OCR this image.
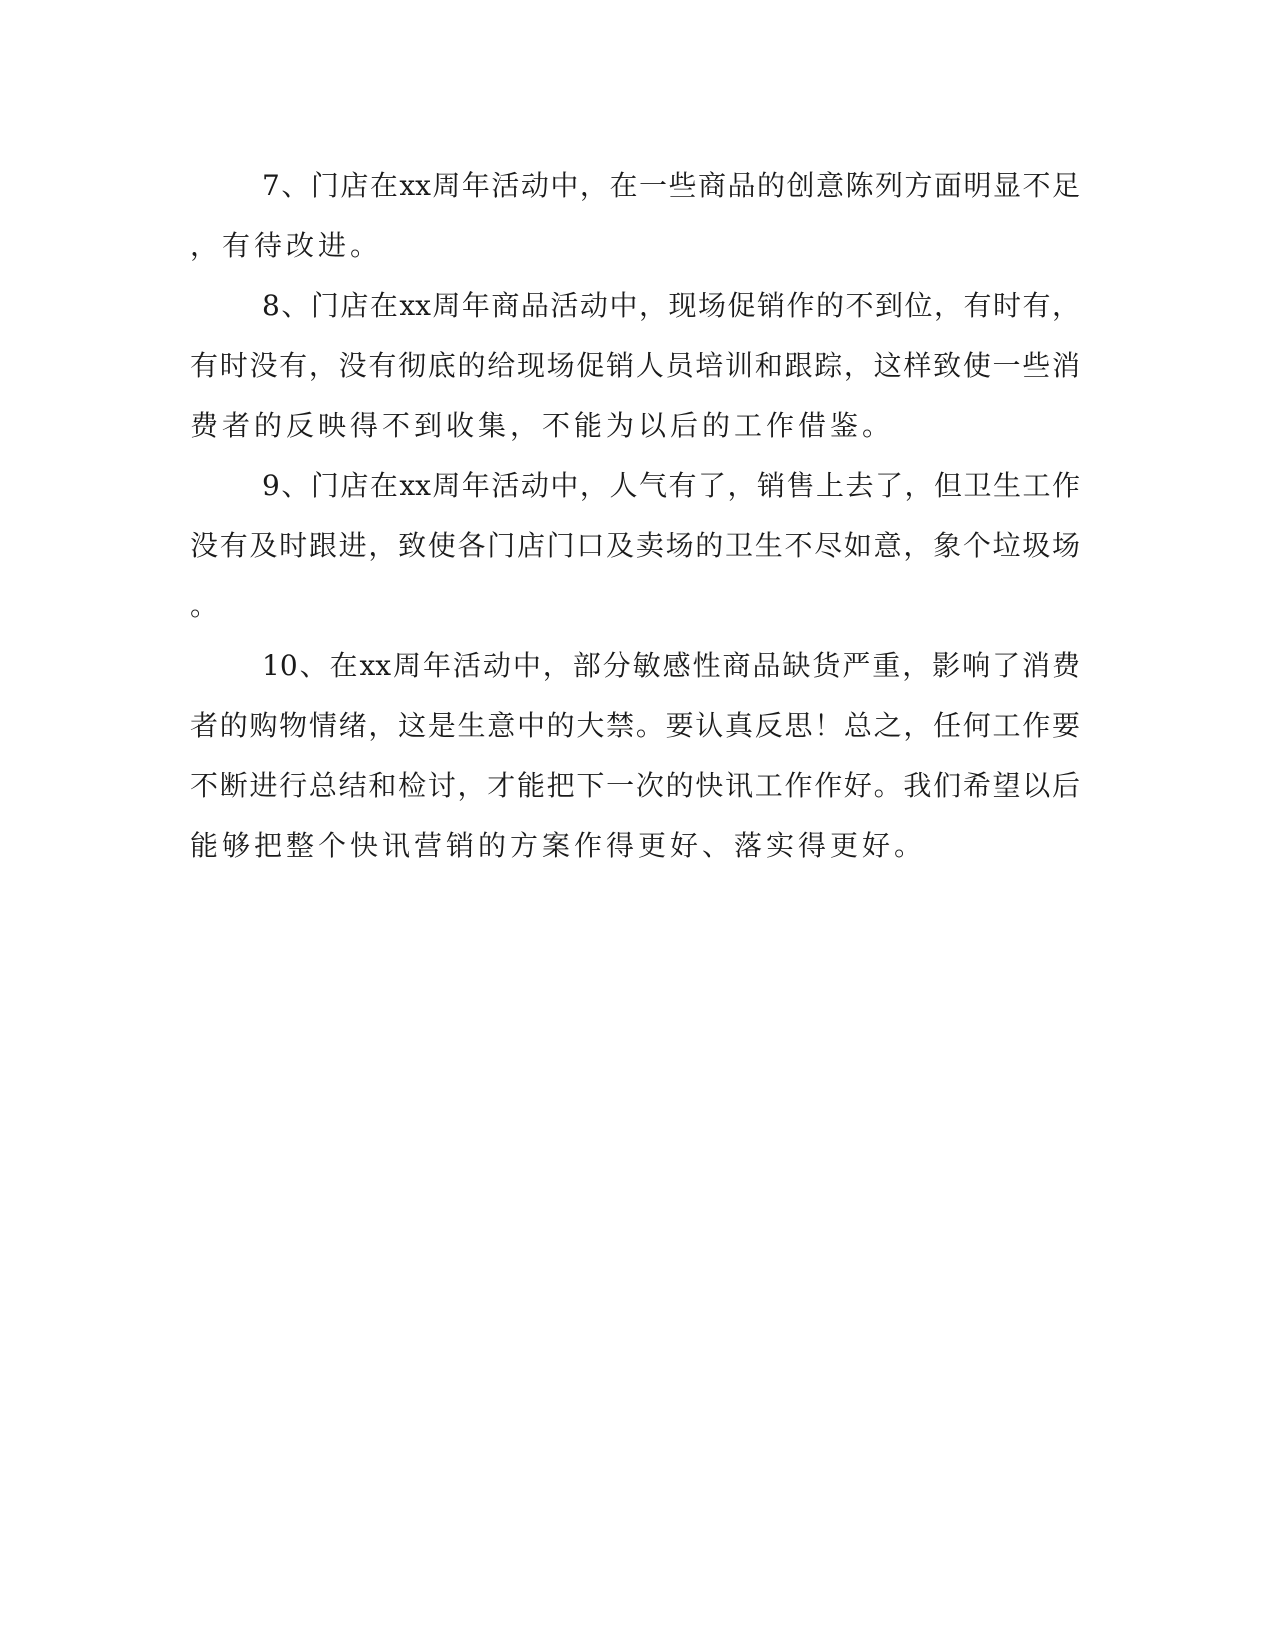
7、门店在xx周年活动中，在一些商品的创意陈列方面明显不足
，有待改进。
8、门店在xx周年商品活动中，现场促销作的不到位，有时有，
有时没有，没有彻底的给现场促销人员培训和跟踪，这样致使一些消
费者的反映得不到收集，不能为以后的工作借鉴。
9、门店在xx周年活动中，人气有了，销售上去了，但卫生工作
没有及时跟进，致使各门店门口及卖场的卫生不尽如意，象个垃圾场
。
10、在xx周年活动中，部分敏感性商品缺货严重，影响了消费
者的购物情绪，这是生意中的大禁。要认真反思！总之，任何工作要
不断进行总结和检讨，才能把下一次的快讯工作作好。我们希望以后
能够把整个快讯营销的方案作得更好、落实得更好。
